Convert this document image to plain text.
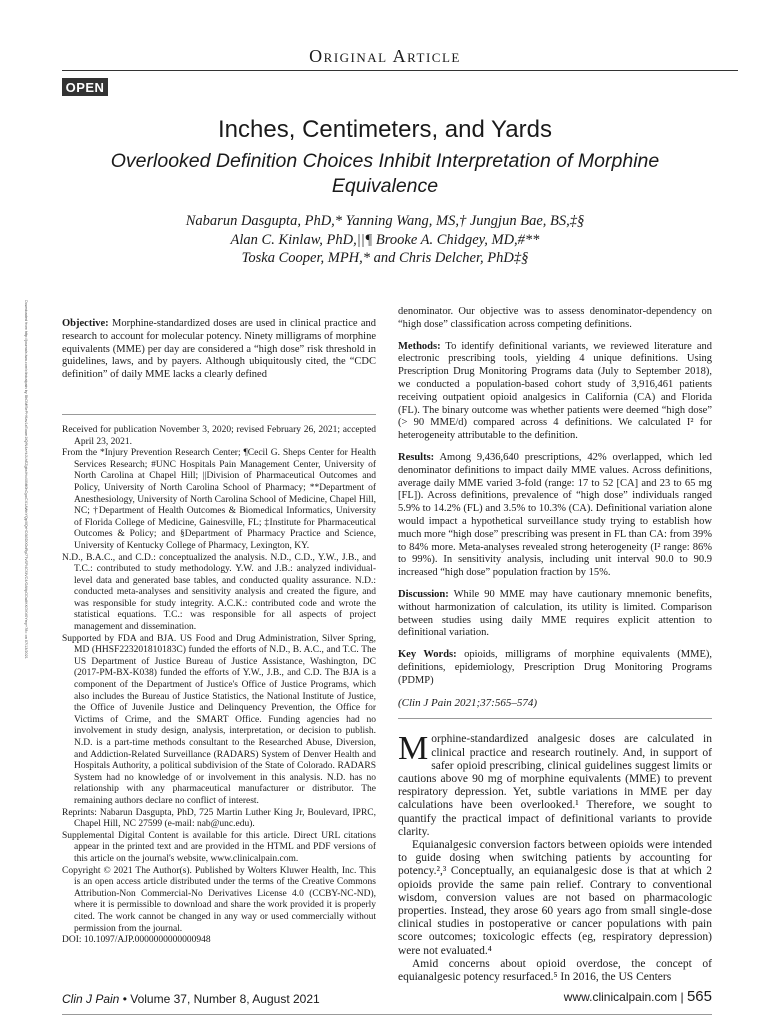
Original Article
OPEN
Inches, Centimeters, and Yards
Overlooked Definition Choices Inhibit Interpretation of Morphine Equivalence
Nabarun Dasgupta, PhD,* Yanning Wang, MS,† Jungjun Bae, BS,‡§
Alan C. Kinlaw, PhD,||¶ Brooke A. Chidgey, MD,#**
Toska Cooper, MPH,* and Chris Delcher, PhD‡§
Downloaded from http://journals.lww.com/clinicalpain by BhDMf5ePHKav1zEoum1tQfN4a+kJLhEZgbsIHo4XMi0hCywCX1AWnYQp/IlQrHD3i3D0OdRyi7TvSFl4Cf3VC4/OAVpDDa8KKGKV0Ymy+78= on 07/13/2021	Objective: Morphine-standardized doses are used in clinical practice and research to account for molecular potency. Ninety milligrams of morphine equivalents (MME) per day are considered a “high dose” risk threshold in guidelines, laws, and by payers. Although ubiquitously cited, the “CDC definition” of daily MME lacks a clearly defined

Received for publication November 3, 2020; revised February 26, 2021; accepted April 23, 2021.

From the *Injury Prevention Research Center; ¶Cecil G. Sheps Center for Health Services Research; #UNC Hospitals Pain Management Center, University of North Carolina at Chapel Hill; ||Division of Pharmaceutical Outcomes and Policy, University of North Carolina School of Pharmacy; **Department of Anesthesiology, University of North Carolina School of Medicine, Chapel Hill, NC; †Department of Health Outcomes & Biomedical Informatics, University of Florida College of Medicine, Gainesville, FL; ‡Institute for Pharmaceutical Outcomes & Policy; and §Department of Pharmacy Practice and Science, University of Kentucky College of Pharmacy, Lexington, KY.

N.D., B.A.C., and C.D.: conceptualized the analysis. N.D., C.D., Y.W., J.B., and T.C.: contributed to study methodology. Y.W. and J.B.: analyzed individual-level data and generated base tables, and conducted quality assurance. N.D.: conducted meta-analyses and sensitivity analysis and created the figure, and was responsible for study integrity. A.C.K.: contributed code and wrote the statistical equations. T.C.: was responsible for all aspects of project management and dissemination.

Supported by FDA and BJA. US Food and Drug Administration, Silver Spring, MD (HHSF223201810183C) funded the efforts of N.D., B. A.C., and T.C. The US Department of Justice Bureau of Justice Assistance, Washington, DC (2017-PM-BX-K038) funded the efforts of Y.W., J.B., and C.D. The BJA is a component of the Department of Justice's Office of Justice Programs, which also includes the Bureau of Justice Statistics, the National Institute of Justice, the Office of Juvenile Justice and Delinquency Prevention, the Office for Victims of Crime, and the SMART Office. Funding agencies had no involvement in study design, analysis, interpretation, or decision to publish. N.D. is a part-time methods consultant to the Researched Abuse, Diversion, and Addiction-Related Surveillance (RADARS) System of Denver Health and Hospitals Authority, a political subdivision of the State of Colorado. RADARS System had no knowledge of or involvement in this analysis. N.D. has no relationship with any pharmaceutical manufacturer or distributor. The remaining authors declare no conflict of interest.

Reprints: Nabarun Dasgupta, PhD, 725 Martin Luther King Jr, Boulevard, IPRC, Chapel Hill, NC 27599 (e-mail: nab@unc.edu).

Supplemental Digital Content is available for this article. Direct URL citations appear in the printed text and are provided in the HTML and PDF versions of this article on the journal's website, www.clinicalpain.com.

Copyright © 2021 The Author(s). Published by Wolters Kluwer Health, Inc. This is an open access article distributed under the terms of the Creative Commons Attribution-Non Commercial-No Derivatives License 4.0 (CCBY-NC-ND), where it is permissible to download and share the work provided it is properly cited. The work cannot be changed in any way or used commercially without permission from the journal.

DOI: 10.1097/AJP.0000000000000948

denominator. Our objective was to assess denominator-dependency on “high dose” classification across competing definitions.

Methods: To identify definitional variants, we reviewed literature and electronic prescribing tools, yielding 4 unique definitions. Using Prescription Drug Monitoring Programs data (July to September 2018), we conducted a population-based cohort study of 3,916,461 patients receiving outpatient opioid analgesics in California (CA) and Florida (FL). The binary outcome was whether patients were deemed “high dose” (> 90 MME/d) compared across 4 definitions. We calculated I² for heterogeneity attributable to the definition.

Results: Among 9,436,640 prescriptions, 42% overlapped, which led denominator definitions to impact daily MME values. Across definitions, average daily MME varied 3-fold (range: 17 to 52 [CA] and 23 to 65 mg [FL]). Across definitions, prevalence of “high dose” individuals ranged 5.9% to 14.2% (FL) and 3.5% to 10.3% (CA). Definitional variation alone would impact a hypothetical surveillance study trying to establish how much more “high dose” prescribing was present in FL than CA: from 39% to 84% more. Meta-analyses revealed strong heterogeneity (I² range: 86% to 99%). In sensitivity analysis, including unit interval 90.0 to 90.9 increased “high dose” population fraction by 15%.

Discussion: While 90 MME may have cautionary mnemonic benefits, without harmonization of calculation, its utility is limited. Comparison between studies using daily MME requires explicit attention to definitional variation.

Key Words: opioids, milligrams of morphine equivalents (MME), definitions, epidemiology, Prescription Drug Monitoring Programs (PDMP)

(Clin J Pain 2021;37:565–574)

Morphine-standardized analgesic doses are calculated in clinical practice and research routinely. And, in support of safer opioid prescribing, clinical guidelines suggest limits or cautions above 90 mg of morphine equivalents (MME) to prevent respiratory depression. Yet, subtle variations in MME per day calculations have been overlooked.¹ Therefore, we sought to quantify the practical impact of definitional variants to provide clarity.

Equianalgesic conversion factors between opioids were intended to guide dosing when switching patients by accounting for potency.²,³ Conceptually, an equianalgesic dose is that at which 2 opioids provide the same pain relief. Contrary to conventional wisdom, conversion values are not based on pharmacologic properties. Instead, they arose 60 years ago from small single-dose clinical studies in postoperative or cancer populations with pain score outcomes; toxicologic effects (eg, respiratory depression) were not evaluated.⁴

Amid concerns about opioid overdose, the concept of equianalgesic potency resurfaced.⁵ In 2016, the US Centers

Clin J Pain • Volume 37, Number 8, August 2021	www.clinicalpain.com | 565
